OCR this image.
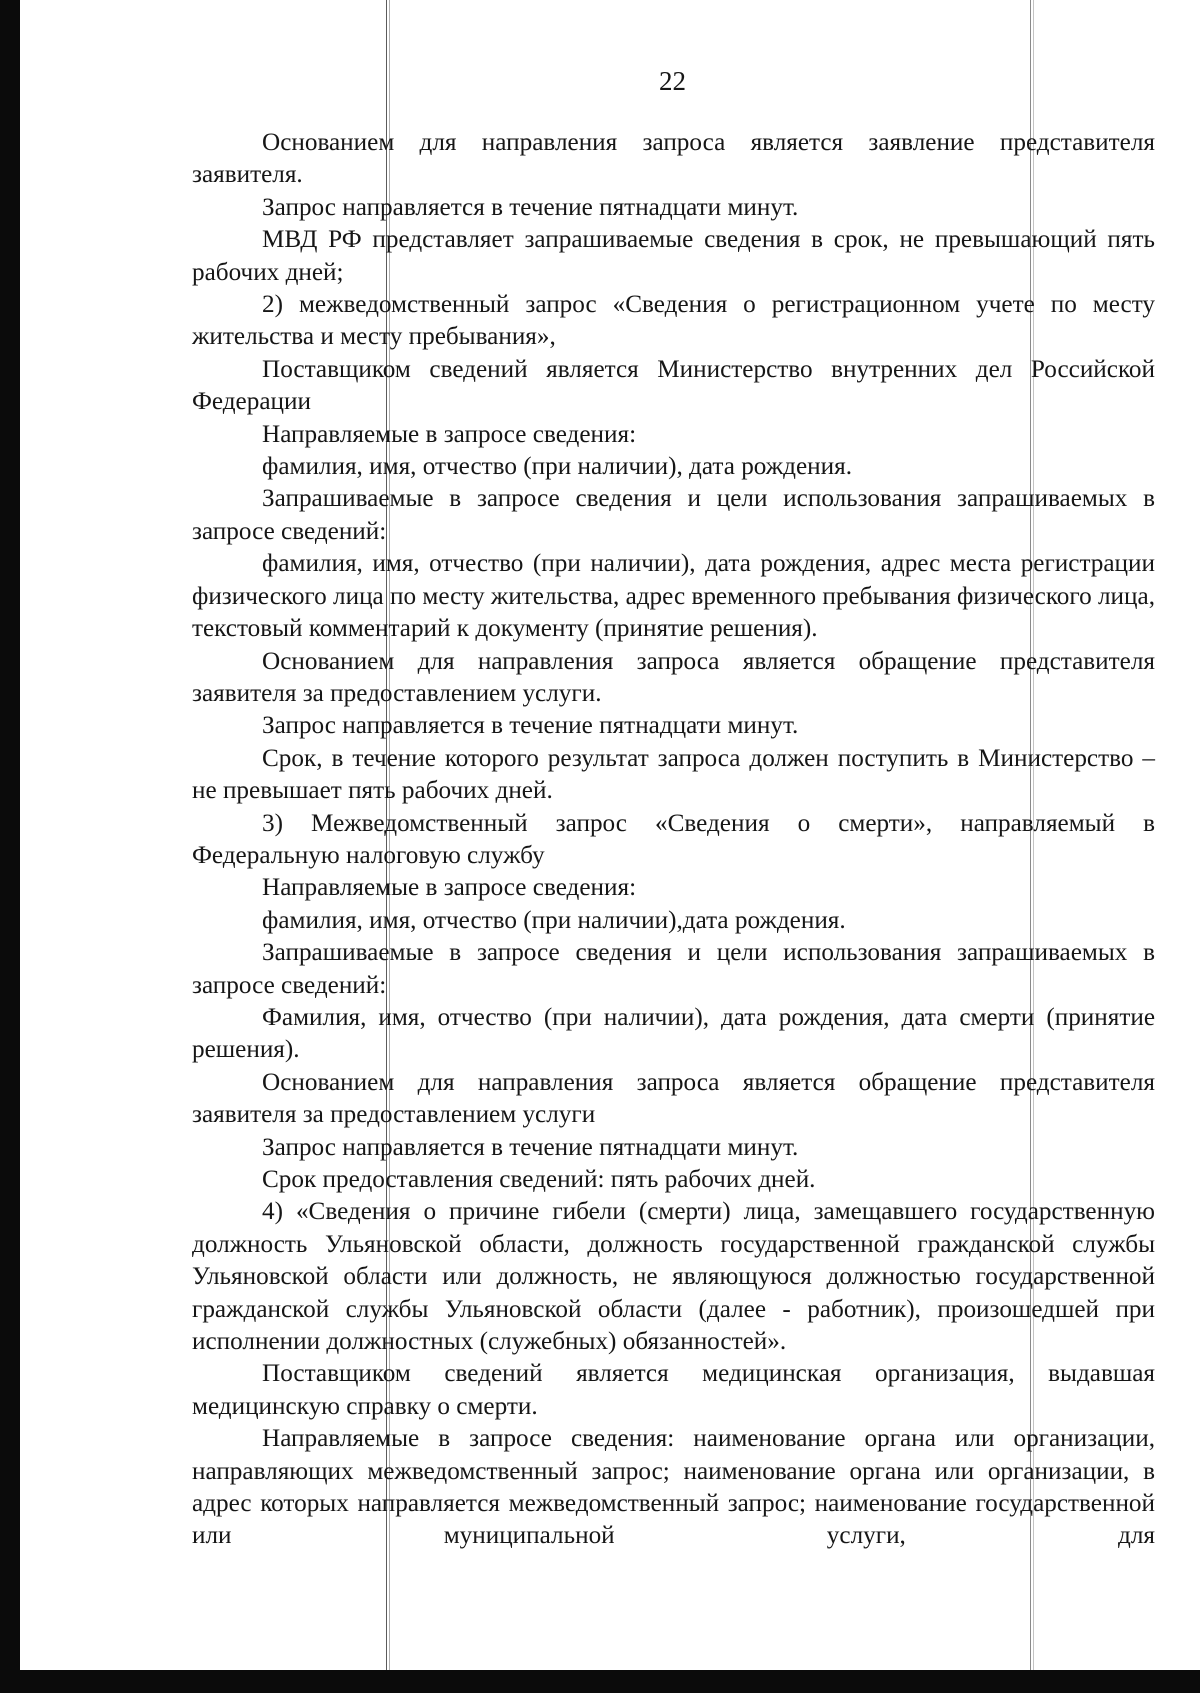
22

Основанием для направления запроса является заявление представителя заявителя.

Запрос направляется в течение пятнадцати минут.

МВД РФ представляет запрашиваемые сведения в срок, не превышающий пять рабочих дней;

2) межведомственный запрос «Сведения о регистрационном учете по месту жительства и месту пребывания»,

Поставщиком сведений является Министерство внутренних дел Российской Федерации

Направляемые в запросе сведения:

фамилия, имя, отчество (при наличии), дата рождения.

Запрашиваемые в запросе сведения и цели использования запрашиваемых в запросе сведений:

фамилия, имя, отчество (при наличии), дата рождения, адрес места регистрации физического лица по месту жительства, адрес временного пребывания физического лица, текстовый комментарий к документу (принятие решения).

Основанием для направления запроса является обращение представителя заявителя за предоставлением услуги.

Запрос направляется в течение пятнадцати минут.

Срок, в течение которого результат запроса должен поступить в Министерство – не превышает пять рабочих дней.

3) Межведомственный запрос «Сведения о смерти», направляемый в Федеральную налоговую службу

Направляемые в запросе сведения:

фамилия, имя, отчество (при наличии),дата рождения.

Запрашиваемые в запросе сведения и цели использования запрашиваемых в запросе сведений:

Фамилия, имя, отчество (при наличии), дата рождения, дата смерти (принятие решения).

Основанием для направления запроса является обращение представителя заявителя за предоставлением услуги

Запрос направляется в течение пятнадцати минут.

Срок предоставления сведений: пять рабочих дней.

4) «Сведения о причине гибели (смерти) лица, замещавшего государственную должность Ульяновской области, должность государственной гражданской службы Ульяновской области или должность, не являющуюся должностью государственной гражданской службы Ульяновской области (далее - работник), произошедшей при исполнении должностных (служебных) обязанностей».

Поставщиком сведений является медицинская организация, выдавшая медицинскую справку о смерти.

Направляемые в запросе сведения: наименование органа или организации, направляющих межведомственный запрос; наименование органа или организации, в адрес которых направляется межведомственный запрос; наименование государственной или муниципальной услуги, для
